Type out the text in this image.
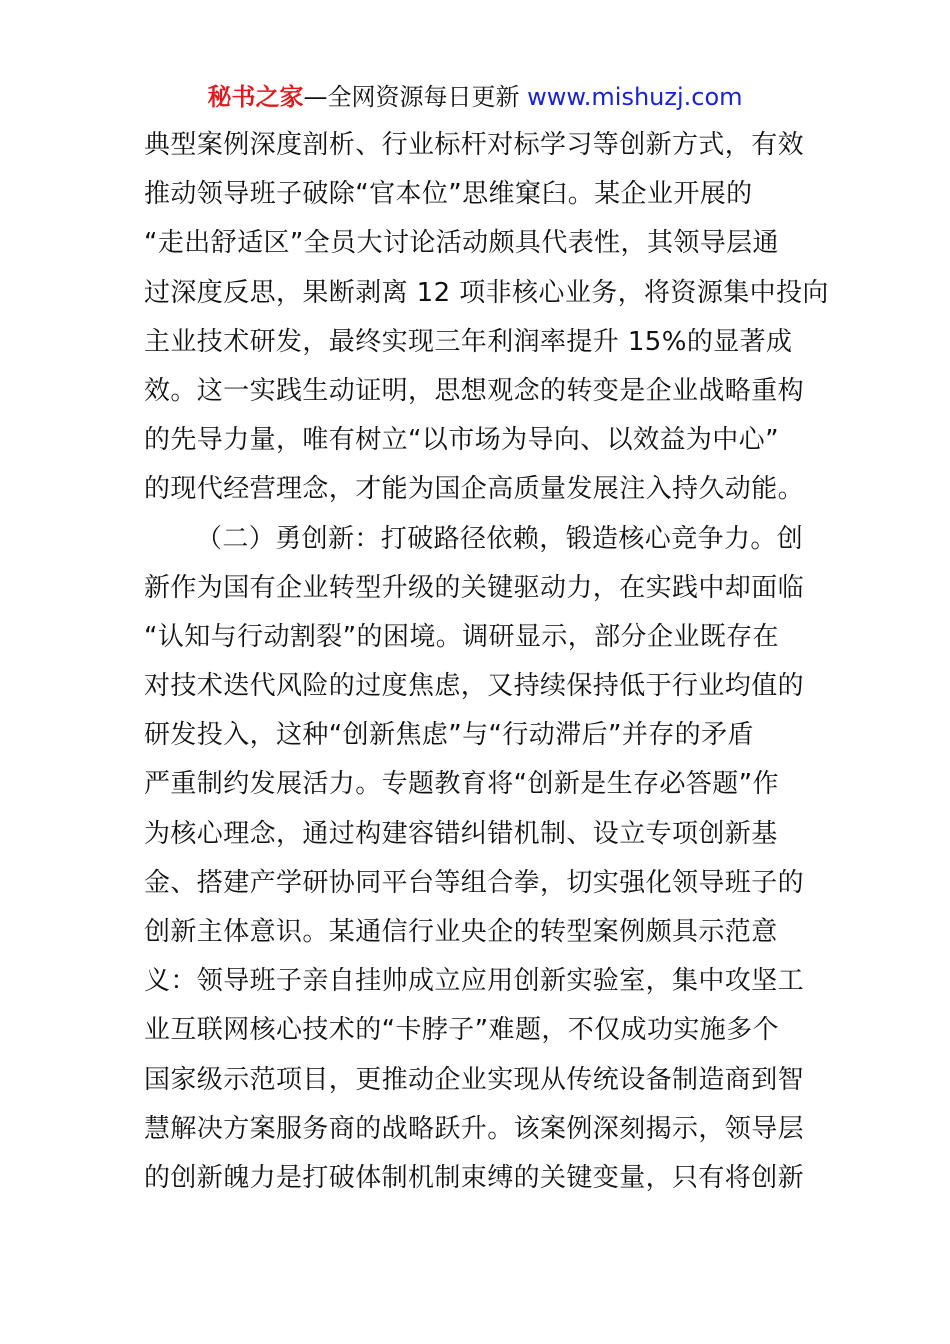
秘书之家—全网资源每日更新 www.mishuzj.com
典型案例深度剖析、行业标杆对标学习等创新方式，有效
推动领导班子破除“官本位”思维窠臼。某企业开展的
“走出舒适区”全员大讨论活动颇具代表性，其领导层通
过深度反思，果断剥离 12 项非核心业务，将资源集中投向
主业技术研发，最终实现三年利润率提升 15%的显著成
效。这一实践生动证明，思想观念的转变是企业战略重构
的先导力量，唯有树立“以市场为导向、以效益为中心”
的现代经营理念，才能为国企高质量发展注入持久动能。
（二）勇创新：打破路径依赖，锻造核心竞争力。创
新作为国有企业转型升级的关键驱动力，在实践中却面临
“认知与行动割裂”的困境。调研显示，部分企业既存在
对技术迭代风险的过度焦虑，又持续保持低于行业均值的
研发投入，这种“创新焦虑”与“行动滞后”并存的矛盾
严重制约发展活力。专题教育将“创新是生存必答题”作
为核心理念，通过构建容错纠错机制、设立专项创新基
金、搭建产学研协同平台等组合拳，切实强化领导班子的
创新主体意识。某通信行业央企的转型案例颇具示范意
义：领导班子亲自挂帅成立应用创新实验室，集中攻坚工
业互联网核心技术的“卡脖子”难题，不仅成功实施多个
国家级示范项目，更推动企业实现从传统设备制造商到智
慧解决方案服务商的战略跃升。该案例深刻揭示，领导层
的创新魄力是打破体制机制束缚的关键变量，只有将创新
